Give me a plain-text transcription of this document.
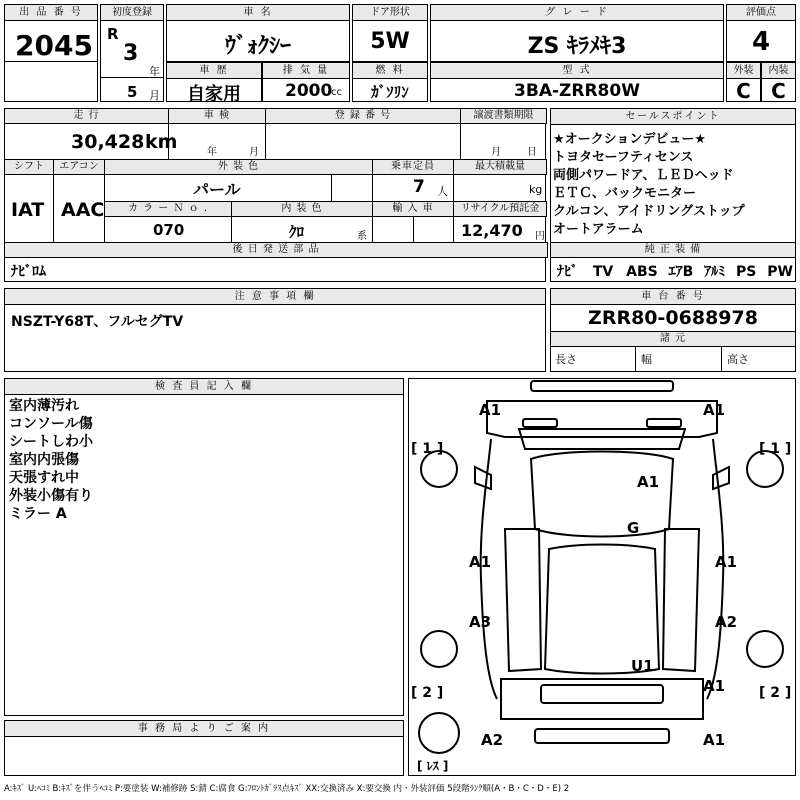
出 品 番 号
2045
初度登録
R
3
年
5 月
車 名
ｳﾞｫｸｼｰ
ドア形状
5W
グ レ ー ド
ZS ｷﾗﾒｷ3
評価点
4
車 歴
自家用
排 気 量
2000
cc
燃 料
ｶﾞｿﾘﾝ
型 式
3BA-ZRR80W
外装
C
内装
C
走 行
30,428 km
車 検
年	月
登 録 番 号	譲渡書類期限
月	日
シフト	エアコン
IAT AAC
外 装 色
パール
乗車定員
7 人
最大積載量
kg
カ ラ ー Ｎ ｏ .
070
内 装 色
ｸﾛ	系
輸 入 車	リサイクル預託金
12,470 円
後 日 発 送 部 品
ﾅﾋﾞﾛﾑ
セールスポイント
★オークションデビュー★
トヨタセーフティセンス
両側パワードア、ＬＥＤヘッド
ＥＴＣ、バックモニター
クルコン、アイドリングストップ
オートアラーム
純 正 装 備
ﾅﾋﾞ TV ABS ｴｱB ｱﾙﾐ PS PW
注 意 事 項 欄
NSZT-Y68T、フルセグTV
車 台 番 号
ZRR80-0688978
諸 元
長さ	幅	高さ
検 査 員 記 入 欄
室内薄汚れ
コンソール傷
シートしわ小
室内内張傷
天張すれ中
外装小傷有り
ミラー A
事 務 局 よ り ご 案 内
A1	A1
[ 1 ]	[ 1 ]
A1
G
A1	A1
A3	A2
U1
A1
[ 2 ]	[ 2 ]
A2	A1
[ ﾚｽ ]
A:ｷｽﾞ U:ﾍｺﾐ B:ｷｽﾞを伴うﾍｺﾐ P:要塗装 W:補修跡 S:錆 C:腐食 G:ﾌﾛﾝﾄｶﾞﾗｽ点ｷｽﾞ XX:交換済み X:要交換 内・外装評価 5段階ﾗﾝｸ順(A・B・C・D・E) 2
